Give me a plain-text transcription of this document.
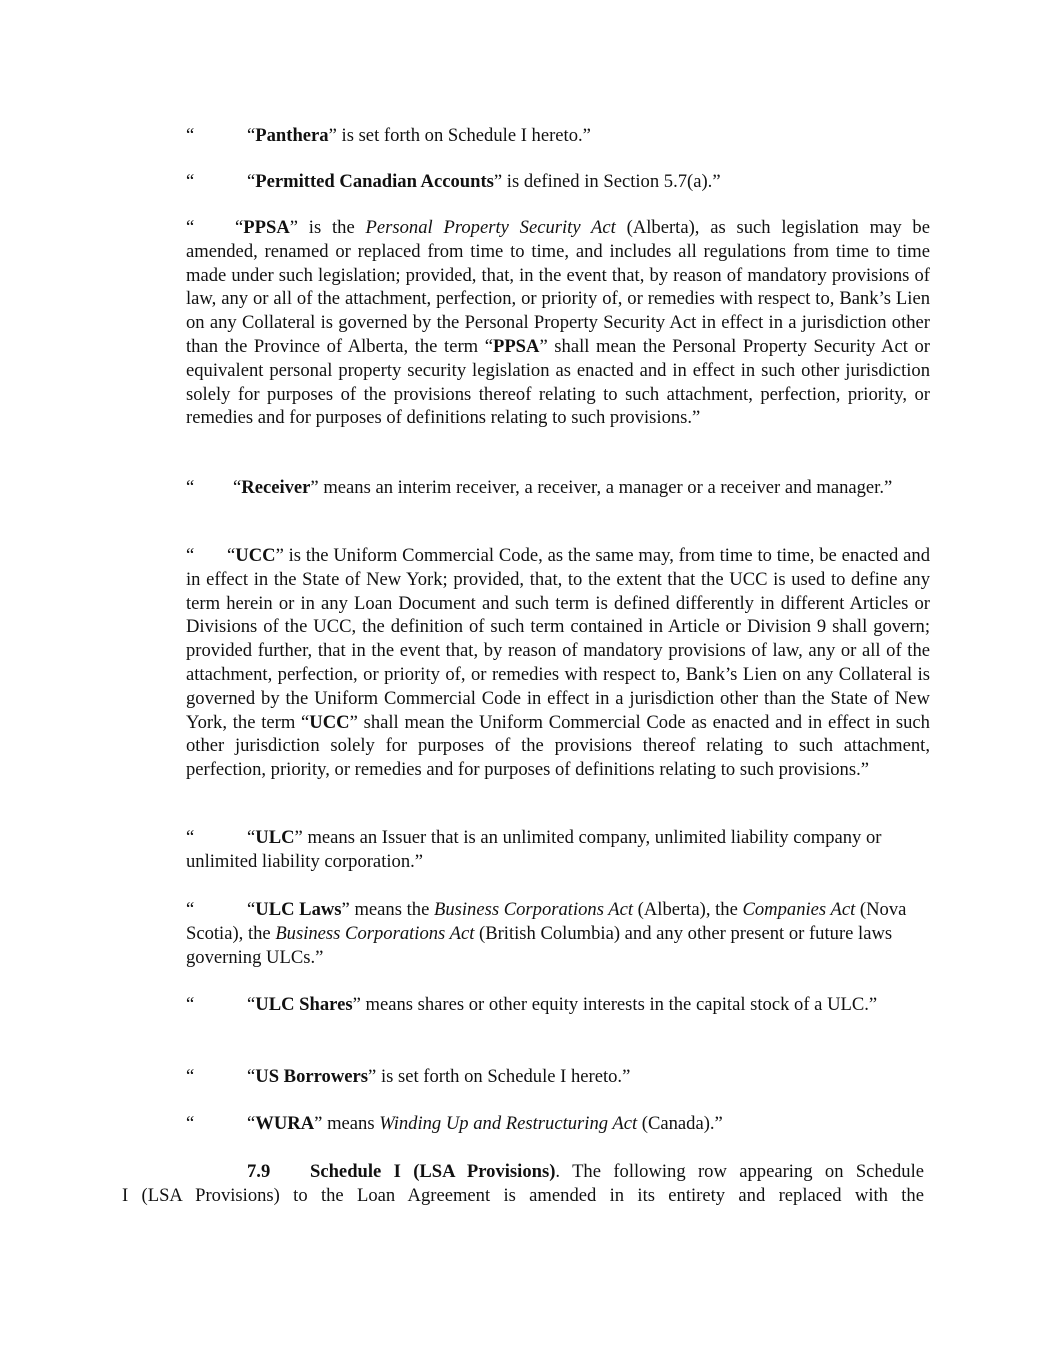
“	“Panthera” is set forth on Schedule I hereto.”

“	“Permitted Canadian Accounts” is defined in Section 5.7(a).”

“ “PPSA” is the Personal Property Security Act (Alberta), as such legislation may be amended, renamed or replaced from time to time, and includes all regulations from time to time made under such legislation; provided, that, in the event that, by reason of mandatory provisions of law, any or all of the attachment, perfection, or priority of, or remedies with respect to, Bank’s Lien on any Collateral is governed by the Personal Property Security Act in effect in a jurisdiction other than the Province of Alberta, the term “PPSA” shall mean the Personal Property Security Act or equivalent personal property security legislation as enacted and in effect in such other jurisdiction solely for purposes of the provisions thereof relating to such attachment, perfection, priority, or remedies and for purposes of definitions relating to such provisions.”

“ “Receiver” means an interim receiver, a receiver, a manager or a receiver and manager.”

“ “UCC” is the Uniform Commercial Code, as the same may, from time to time, be enacted and in effect in the State of New York; provided, that, to the extent that the UCC is used to define any term herein or in any Loan Document and such term is defined differently in different Articles or Divisions of the UCC, the definition of such term contained in Article or Division 9 shall govern; provided further, that in the event that, by reason of mandatory provisions of law, any or all of the attachment, perfection, or priority of, or remedies with respect to, Bank’s Lien on any Collateral is governed by the Uniform Commercial Code in effect in a jurisdiction other than the State of New York, the term “UCC” shall mean the Uniform Commercial Code as enacted and in effect in such other jurisdiction solely for purposes of the provisions thereof relating to such attachment, perfection, priority, or remedies and for purposes of definitions relating to such provisions.”

“	“ULC” means an Issuer that is an unlimited company, unlimited liability company or unlimited liability corporation.”

“	“ULC Laws” means the Business Corporations Act (Alberta), the Companies Act (Nova Scotia), the Business Corporations Act (British Columbia) and any other present or future laws governing ULCs.”

“	“ULC Shares” means shares or other equity interests in the capital stock of a ULC.”

“	“US Borrowers” is set forth on Schedule I hereto.”

“	“WURA” means Winding Up and Restructuring Act (Canada).”

7.9 Schedule I (LSA Provisions). The following row appearing on Schedule
I (LSA Provisions) to the Loan Agreement is amended in its entirety and replaced with the
